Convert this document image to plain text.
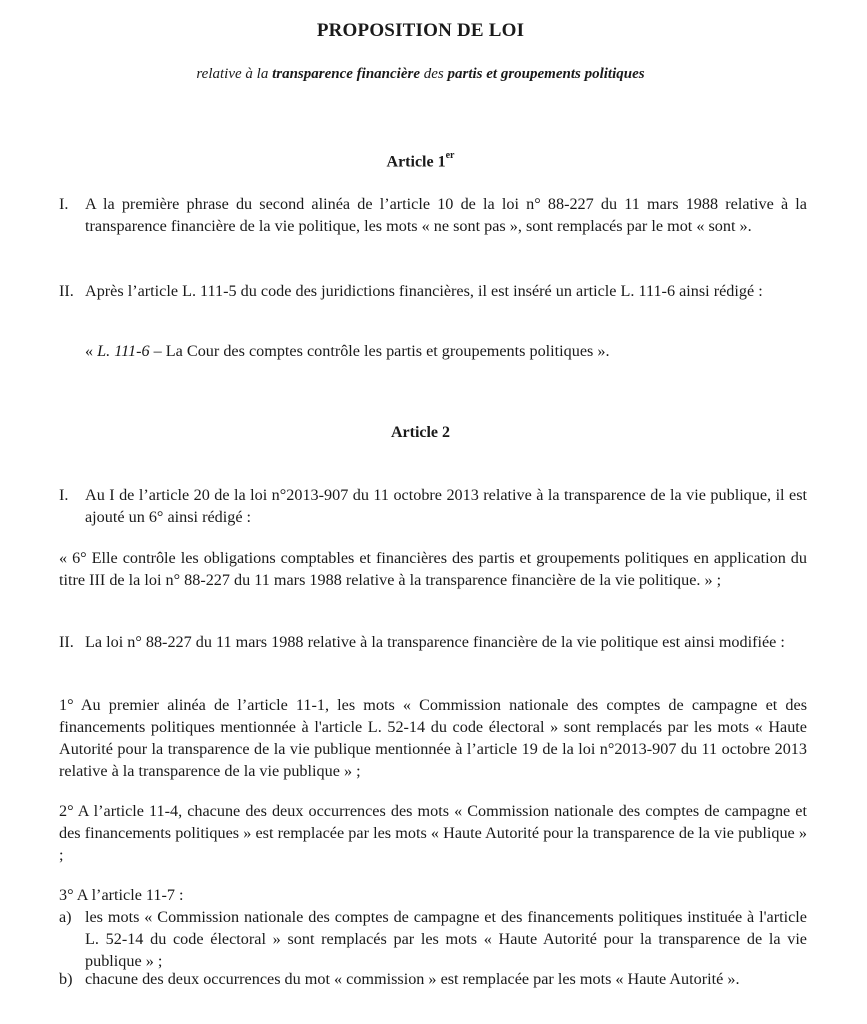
PROPOSITION DE LOI
relative à la transparence financière des partis et groupements politiques
Article 1er
I.	A la première phrase du second alinéa de l’article 10 de la loi n° 88-227 du 11 mars 1988 relative à la transparence financière de la vie politique, les mots « ne sont pas », sont remplacés par le mot « sont ».
II. Après l’article L. 111-5 du code des juridictions financières, il est inséré un article L. 111-6 ainsi rédigé :
« L. 111-6 – La Cour des comptes contrôle les partis et groupements politiques ».
Article 2
I.	Au I de l’article 20 de la loi n°2013-907 du 11 octobre 2013 relative à la transparence de la vie publique, il est ajouté un 6° ainsi rédigé :
« 6° Elle contrôle les obligations comptables et financières des partis et groupements politiques en application du titre III de la loi n° 88-227 du 11 mars 1988 relative à la transparence financière de la vie politique. » ;
II. La loi n° 88-227 du 11 mars 1988 relative à la transparence financière de la vie politique est ainsi modifiée :
1° Au premier alinéa de l’article 11-1, les mots « Commission nationale des comptes de campagne et des financements politiques mentionnée à l'article L. 52-14 du code électoral » sont remplacés par les mots « Haute Autorité pour la transparence de la vie publique mentionnée à l’article 19 de la loi n°2013-907 du 11 octobre 2013 relative à la transparence de la vie publique » ;
2° A l’article 11-4, chacune des deux occurrences des mots « Commission nationale des comptes de campagne et des financements politiques » est remplacée par les mots « Haute Autorité pour la transparence de la vie publique » ;
3° A l’article 11-7 :
a) les mots « Commission nationale des comptes de campagne et des financements politiques instituée à l'article L. 52-14 du code électoral » sont remplacés par les mots « Haute Autorité pour la transparence de la vie publique » ;
b) chacune des deux occurrences du mot « commission » est remplacée par les mots « Haute Autorité ».
